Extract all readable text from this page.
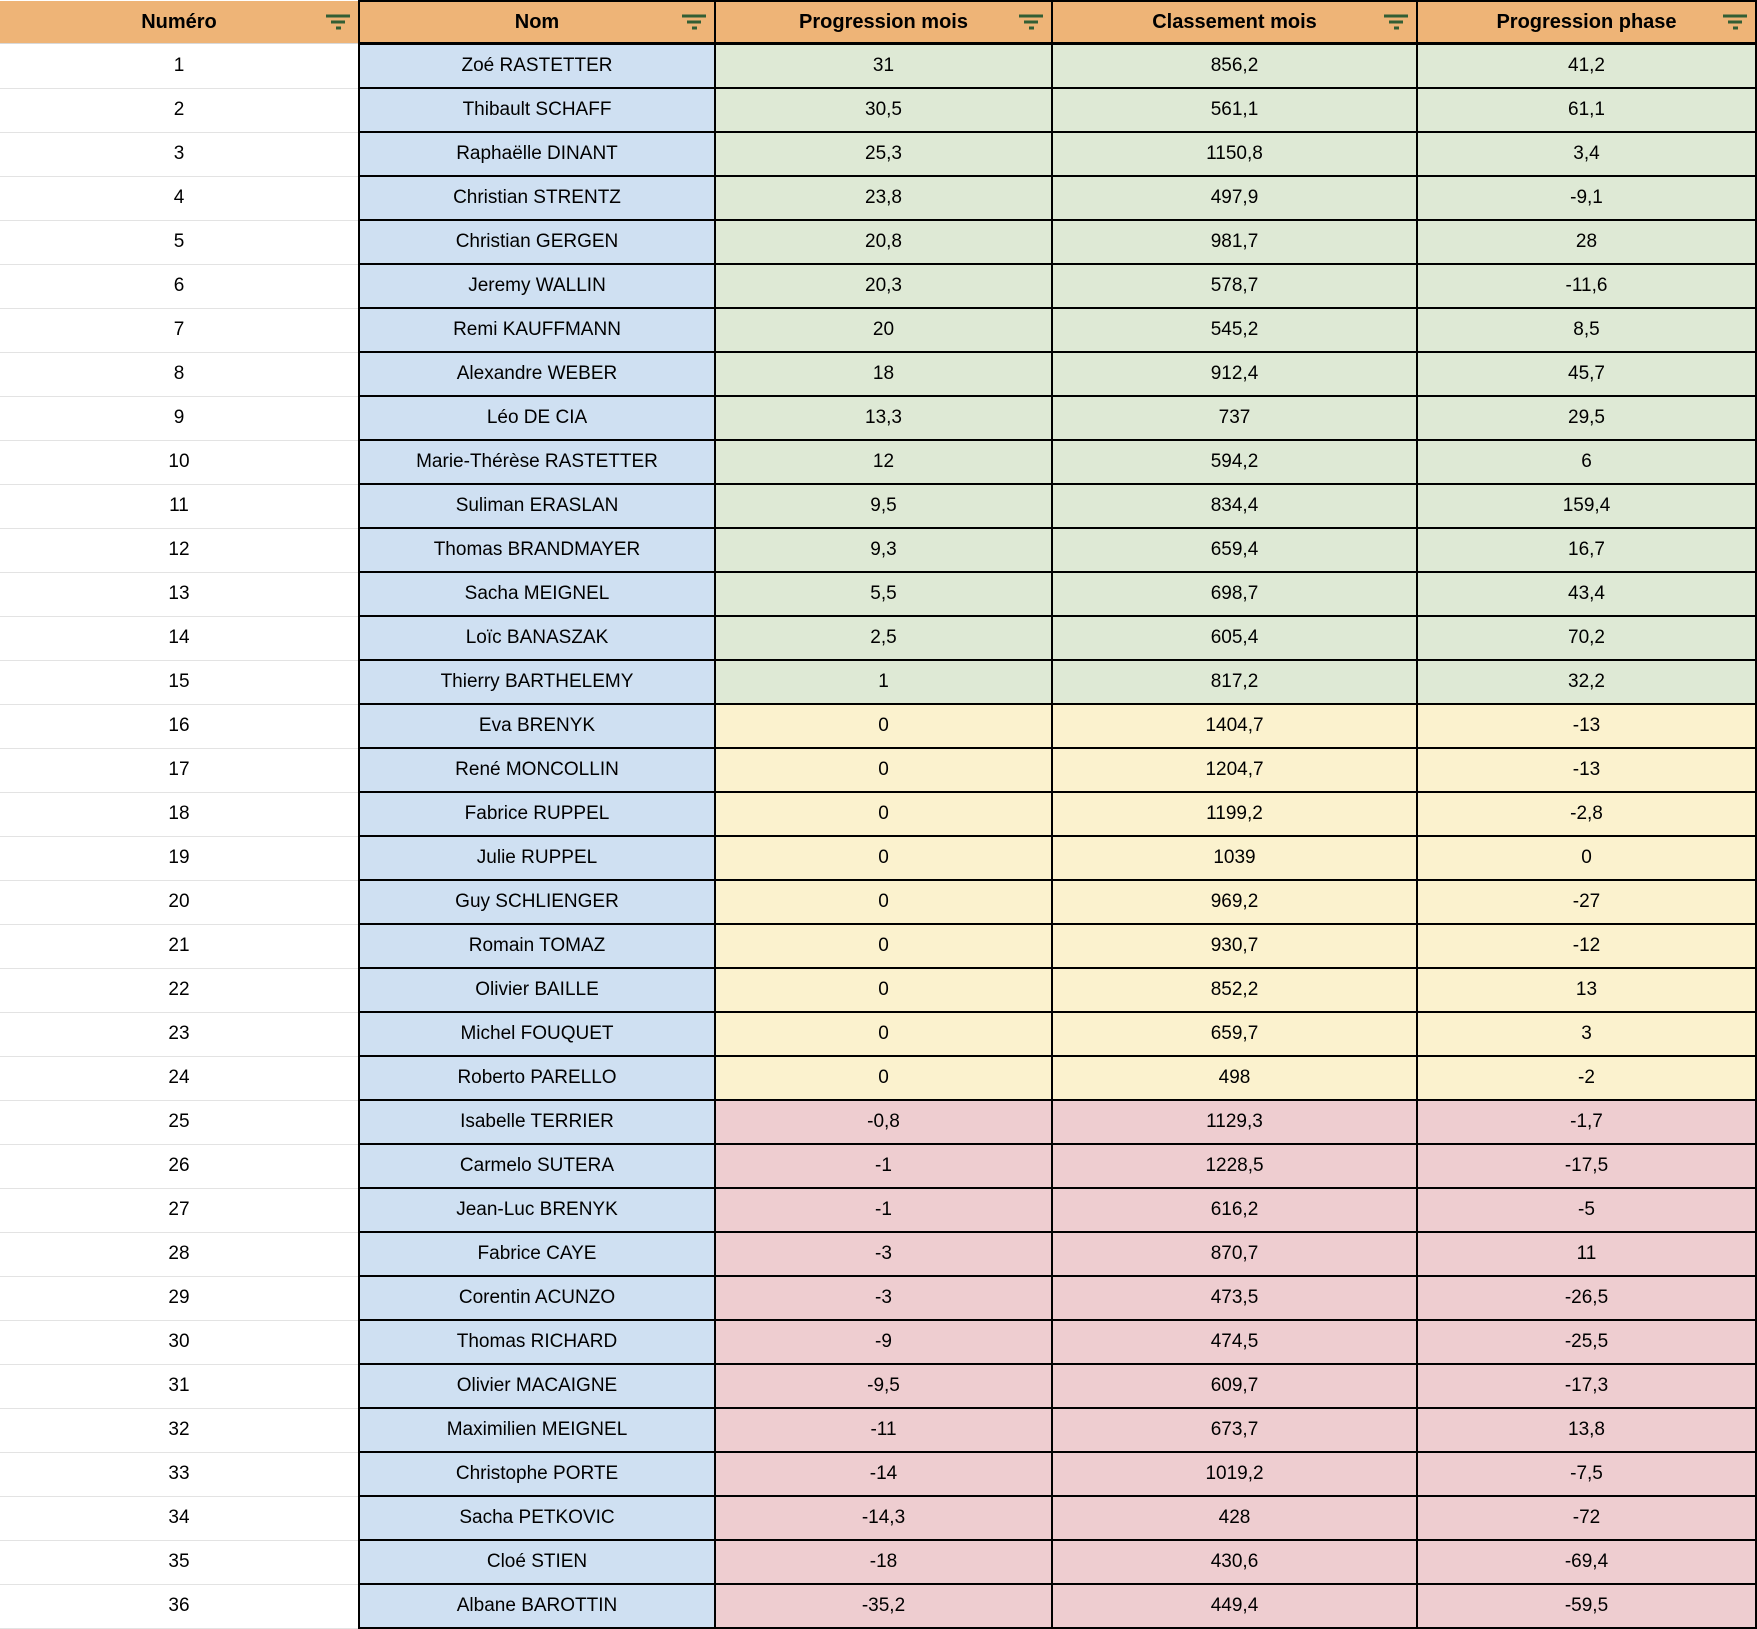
Numéro	Nom	Progression mois	Classement mois	Progression phase

1	Zoé RASTETTER	31	856,2	41,2
2	Thibault SCHAFF	30,5	561,1	61,1
3	Raphaëlle DINANT	25,3	1150,8	3,4
4	Christian STRENTZ	23,8	497,9	-9,1
5	Christian GERGEN	20,8	981,7	28
6	Jeremy WALLIN	20,3	578,7	-11,6
7	Remi KAUFFMANN	20	545,2	8,5
8	Alexandre WEBER	18	912,4	45,7
9	Léo DE CIA	13,3	737	29,5
10	Marie-Thérèse RASTETTER	12	594,2	6
11	Suliman ERASLAN	9,5	834,4	159,4
12	Thomas BRANDMAYER	9,3	659,4	16,7
13	Sacha MEIGNEL	5,5	698,7	43,4
14	Loïc BANASZAK	2,5	605,4	70,2
15	Thierry BARTHELEMY	1	817,2	32,2
16	Eva BRENYK	0	1404,7	-13
17	René MONCOLLIN	0	1204,7	-13
18	Fabrice RUPPEL	0	1199,2	-2,8
19	Julie RUPPEL	0	1039	0
20	Guy SCHLIENGER	0	969,2	-27
21	Romain TOMAZ	0	930,7	-12
22	Olivier BAILLE	0	852,2	13
23	Michel FOUQUET	0	659,7	3
24	Roberto PARELLO	0	498	-2
25	Isabelle TERRIER	-0,8	1129,3	-1,7
26	Carmelo SUTERA	-1	1228,5	-17,5
27	Jean-Luc BRENYK	-1	616,2	-5
28	Fabrice CAYE	-3	870,7	11
29	Corentin ACUNZO	-3	473,5	-26,5
30	Thomas RICHARD	-9	474,5	-25,5
31	Olivier MACAIGNE	-9,5	609,7	-17,3
32	Maximilien MEIGNEL	-11	673,7	13,8
33	Christophe PORTE	-14	1019,2	-7,5
34	Sacha PETKOVIC	-14,3	428	-72
35	Cloé STIEN	-18	430,6	-69,4
36	Albane BAROTTIN	-35,2	449,4	-59,5
